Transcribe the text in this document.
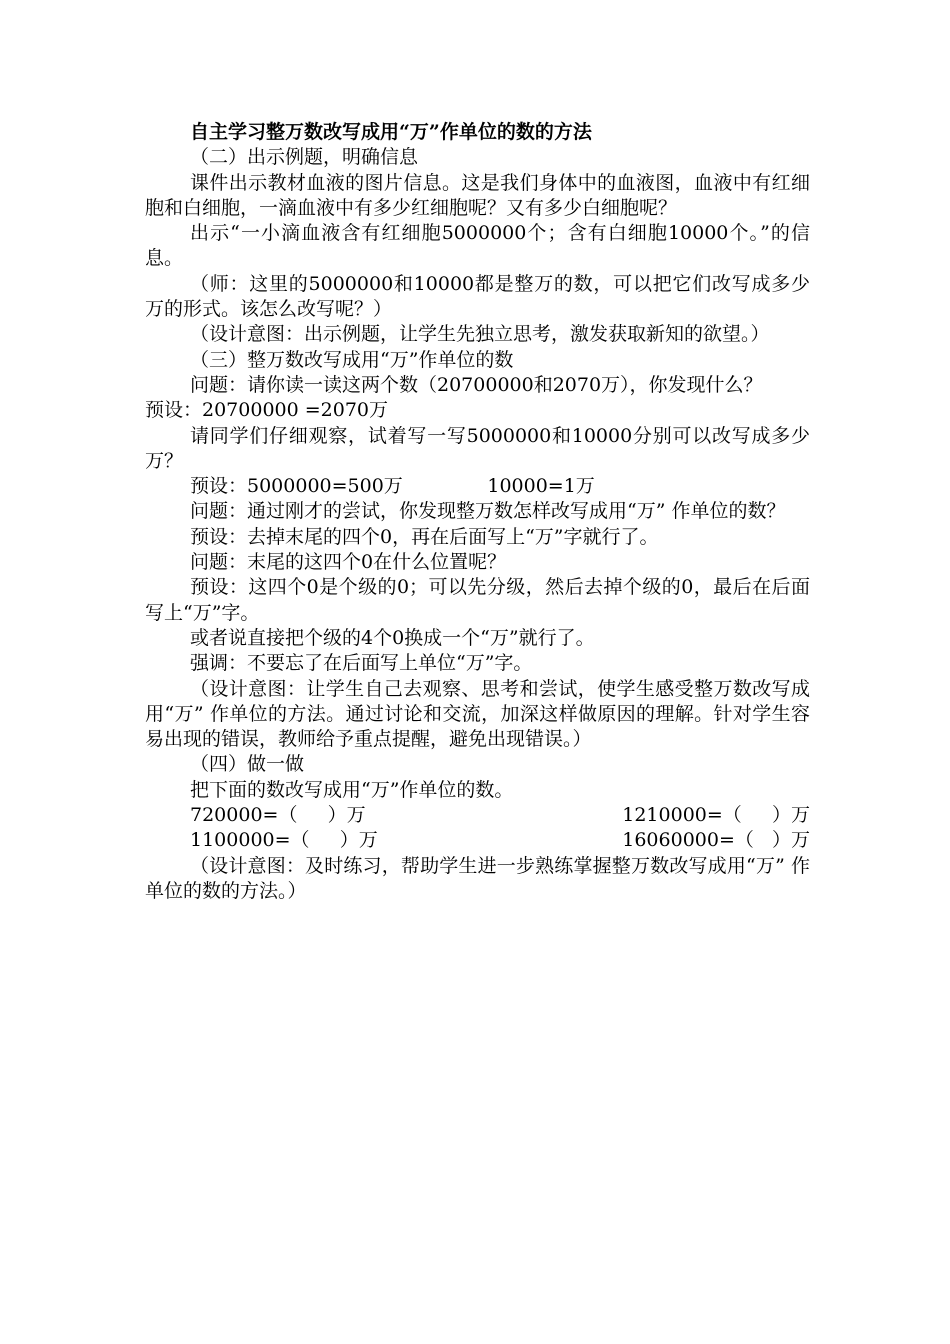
自主学习整万数改写成用“万”作单位的数的方法

（二）出示例题，明确信息

课件出示教材血液的图片信息。这是我们身体中的血液图，血液中有红细胞和白细胞，一滴血液中有多少红细胞呢？又有多少白细胞呢？

出示“一小滴血液含有红细胞5000000个；含有白细胞10000个。”的信息。

（师：这里的5000000和10000都是整万的数，可以把它们改写成多少万的形式。该怎么改写呢？）

（设计意图：出示例题，让学生先独立思考，激发获取新知的欲望。）

（三）整万数改写成用“万”作单位的数

问题：请你读一读这两个数（20700000和2070万），你发现什么？

预设：20700000 =2070万

请同学们仔细观察，试着写一写5000000和10000分别可以改写成多少万？

预设：5000000=500万              10000=1万

问题：通过刚才的尝试，你发现整万数怎样改写成用“万” 作单位的数？

预设：去掉末尾的四个0，再在后面写上“万”字就行了。

问题：末尾的这四个0在什么位置呢？

预设：这四个0是个级的0；可以先分级，然后去掉个级的0，最后在后面写上“万”字。

或者说直接把个级的4个0换成一个“万”就行了。

强调：不要忘了在后面写上单位“万”字。

（设计意图：让学生自己去观察、思考和尝试，使学生感受整万数改写成用“万” 作单位的方法。通过讨论和交流，加深这样做原因的理解。针对学生容易出现的错误，教师给予重点提醒，避免出现错误。）

（四）做一做

把下面的数改写成用“万”作单位的数。

720000=（     ）万	1210000=（     ）万
1100000=（     ）万	16060000=（   ）万

（设计意图：及时练习，帮助学生进一步熟练掌握整万数改写成用“万” 作单位的数的方法。）
